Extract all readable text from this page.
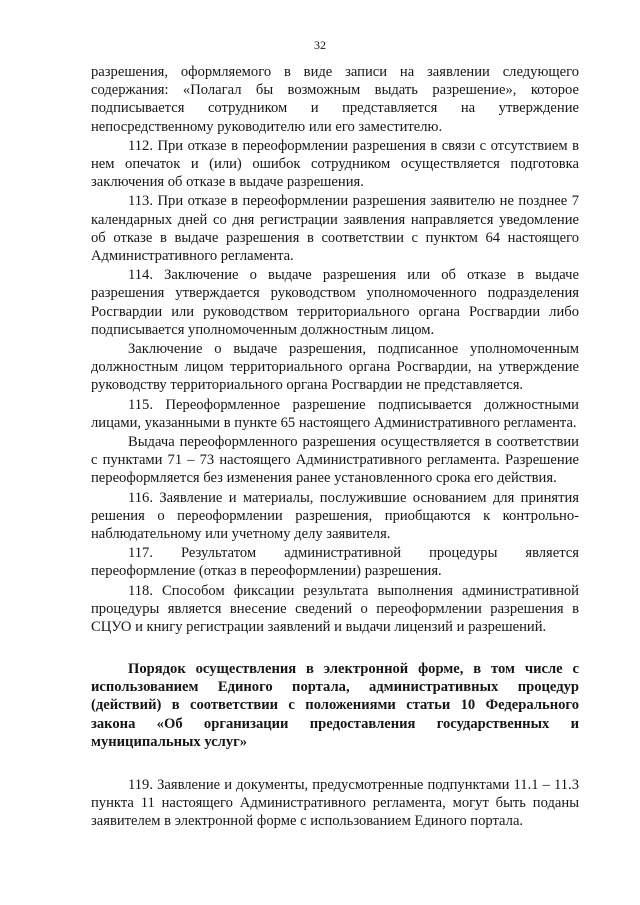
32

разрешения, оформляемого в виде записи на заявлении следующего содержания: «Полагал бы возможным выдать разрешение», которое подписывается сотрудником и представляется на утверждение непосредственному руководителю или его заместителю.

112. При отказе в переоформлении разрешения в связи с отсутствием в нем опечаток и (или) ошибок сотрудником осуществляется подготовка заключения об отказе в выдаче разрешения.

113. При отказе в переоформлении разрешения заявителю не позднее 7 календарных дней со дня регистрации заявления направляется уведомление об отказе в выдаче разрешения в соответствии с пунктом 64 настоящего Административного регламента.

114. Заключение о выдаче разрешения или об отказе в выдаче разрешения утверждается руководством уполномоченного подразделения Росгвардии или руководством территориального органа Росгвардии либо подписывается уполномоченным должностным лицом.

Заключение о выдаче разрешения, подписанное уполномоченным должностным лицом территориального органа Росгвардии, на утверждение руководству территориального органа Росгвардии не представляется.

115. Переоформленное разрешение подписывается должностными лицами, указанными в пункте 65 настоящего Административного регламента.

Выдача переоформленного разрешения осуществляется в соответствии с пунктами 71 – 73 настоящего Административного регламента. Разрешение переоформляется без изменения ранее установленного срока его действия.

116. Заявление и материалы, послужившие основанием для принятия решения о переоформлении разрешения, приобщаются к контрольно-наблюдательному или учетному делу заявителя.

117. Результатом административной процедуры является переоформление (отказ в переоформлении) разрешения.

118. Способом фиксации результата выполнения административной процедуры является внесение сведений о переоформлении разрешения в СЦУО и книгу регистрации заявлений и выдачи лицензий и разрешений.

Порядок осуществления в электронной форме, в том числе с использованием Единого портала, административных процедур (действий) в соответствии с положениями статьи 10 Федерального закона «Об организации предоставления государственных и муниципальных услуг»

119. Заявление и документы, предусмотренные подпунктами 11.1 – 11.3 пункта 11 настоящего Административного регламента, могут быть поданы заявителем в электронной форме с использованием Единого портала.
